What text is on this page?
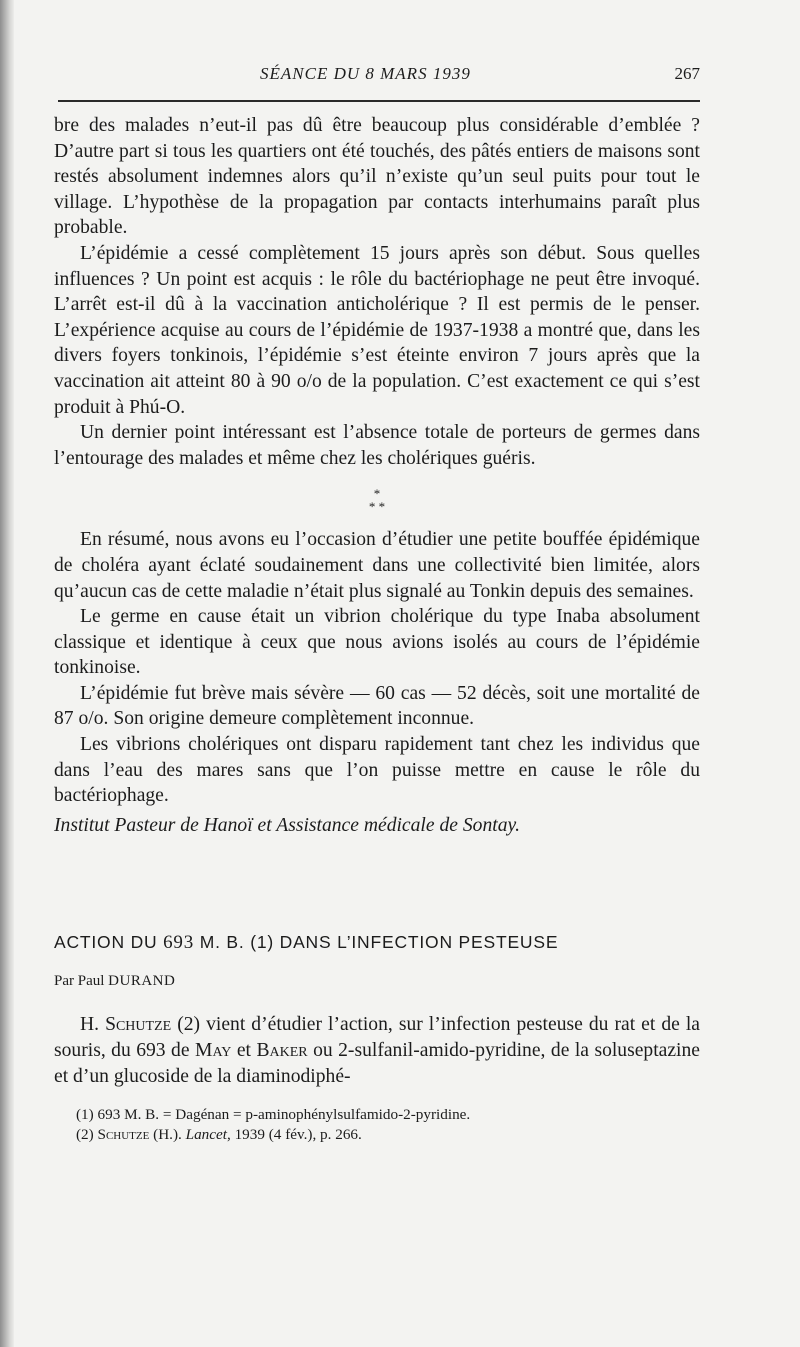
SÉANCE DU 8 MARS 1939	267

bre des malades n’eut-il pas dû être beaucoup plus considérable d’emblée ? D’autre part si tous les quartiers ont été touchés, des pâtés entiers de maisons sont restés absolument indemnes alors qu’il n’existe qu’un seul puits pour tout le village. L’hypothèse de la propagation par contacts interhumains paraît plus probable.

L’épidémie a cessé complètement 15 jours après son début. Sous quelles influences ? Un point est acquis : le rôle du bactériophage ne peut être invoqué. L’arrêt est-il dû à la vaccination anticholérique ? Il est permis de le penser. L’expérience acquise au cours de l’épidémie de 1937-1938 a montré que, dans les divers foyers tonkinois, l’épidémie s’est éteinte environ 7 jours après que la vaccination ait atteint 80 à 90 o/o de la population. C’est exactement ce qui s’est produit à Phú-O.

Un dernier point intéressant est l’absence totale de porteurs de germes dans l’entourage des malades et même chez les cholériques guéris.

*
* *

En résumé, nous avons eu l’occasion d’étudier une petite bouffée épidémique de choléra ayant éclaté soudainement dans une collectivité bien limitée, alors qu’aucun cas de cette maladie n’était plus signalé au Tonkin depuis des semaines.

Le germe en cause était un vibrion cholérique du type Inaba absolument classique et identique à ceux que nous avions isolés au cours de l’épidémie tonkinoise.

L’épidémie fut brève mais sévère — 60 cas — 52 décès, soit une mortalité de 87 o/o. Son origine demeure complètement inconnue.

Les vibrions cholériques ont disparu rapidement tant chez les individus que dans l’eau des mares sans que l’on puisse mettre en cause le rôle du bactériophage.

Institut Pasteur de Hanoï et Assistance médicale de Sontay.

ACTION DU 693 M. B. (1) DANS L’INFECTION PESTEUSE

Par Paul DURAND

H. Schutze (2) vient d’étudier l’action, sur l’infection pesteuse du rat et de la souris, du 693 de May et Baker ou 2-sulfanil-amido-pyridine, de la soluseptazine et d’un glucoside de la diaminodiphé-

(1) 693 M. B. = Dagénan = p-aminophénylsulfamido-2-pyridine.

(2) Schutze (H.). Lancet, 1939 (4 fév.), p. 266.
